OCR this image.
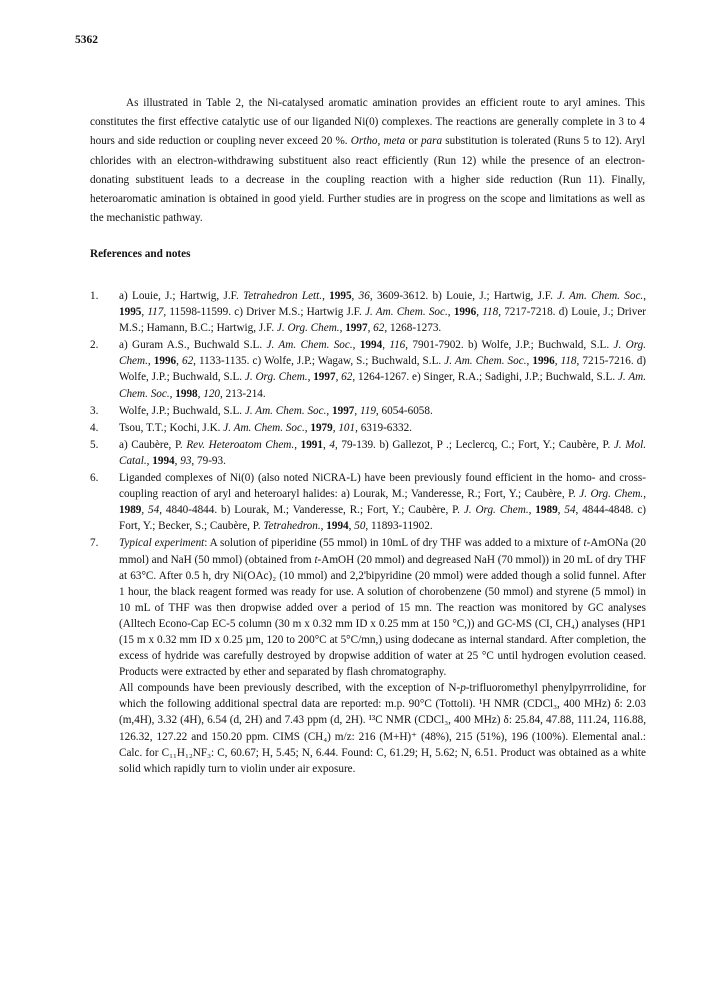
5362

As illustrated in Table 2, the Ni-catalysed aromatic amination provides an efficient route to aryl amines. This constitutes the first effective catalytic use of our liganded Ni(0) complexes. The reactions are generally complete in 3 to 4 hours and side reduction or coupling never exceed 20 %. Ortho, meta or para substitution is tolerated (Runs 5 to 12). Aryl chlorides with an electron-withdrawing substituent also react efficiently (Run 12) while the presence of an electron-donating substituent leads to a decrease in the coupling reaction with a higher side reduction (Run 11). Finally, heteroaromatic amination is obtained in good yield. Further studies are in progress on the scope and limitations as well as the mechanistic pathway.

References and notes

1.	a) Louie, J.; Hartwig, J.F. Tetrahedron Lett., 1995, 36, 3609-3612. b) Louie, J.; Hartwig, J.F. J. Am. Chem. Soc., 1995, 117, 11598-11599. c) Driver M.S.; Hartwig J.F. J. Am. Chem. Soc., 1996, 118, 7217-7218. d) Louie, J.; Driver M.S.; Hamann, B.C.; Hartwig, J.F. J. Org. Chem., 1997, 62, 1268-1273.

2.	a) Guram A.S., Buchwald S.L. J. Am. Chem. Soc., 1994, 116, 7901-7902. b) Wolfe, J.P.; Buchwald, S.L. J. Org. Chem., 1996, 62, 1133-1135. c) Wolfe, J.P.; Wagaw, S.; Buchwald, S.L. J. Am. Chem. Soc., 1996, 118, 7215-7216. d) Wolfe, J.P.; Buchwald, S.L. J. Org. Chem., 1997, 62, 1264-1267. e) Singer, R.A.; Sadighi, J.P.; Buchwald, S.L. J. Am. Chem. Soc., 1998, 120, 213-214.

3.	Wolfe, J.P.; Buchwald, S.L. J. Am. Chem. Soc., 1997, 119, 6054-6058.

4.	Tsou, T.T.; Kochi, J.K. J. Am. Chem. Soc., 1979, 101, 6319-6332.

5.	a) Caubère, P. Rev. Heteroatom Chem., 1991, 4, 79-139. b) Gallezot, P .; Leclercq, C.; Fort, Y.; Caubère, P. J. Mol. Catal., 1994, 93, 79-93.

6.	Liganded complexes of Ni(0) (also noted NiCRA-L) have been previously found efficient in the homo- and cross-coupling reaction of aryl and heteroaryl halides: a) Lourak, M.; Vanderesse, R.; Fort, Y.; Caubère, P. J. Org. Chem., 1989, 54, 4840-4844. b) Lourak, M.; Vanderesse, R.; Fort, Y.; Caubère, P. J. Org. Chem., 1989, 54, 4844-4848. c) Fort, Y.; Becker, S.; Caubère, P. Tetrahedron., 1994, 50, 11893-11902.

7.	Typical experiment: A solution of piperidine (55 mmol) in 10mL of dry THF was added to a mixture of t-AmONa (20 mmol) and NaH (50 mmol) (obtained from t-AmOH (20 mmol) and degreased NaH (70 mmol)) in 20 mL of dry THF at 63°C. After 0.5 h, dry Ni(OAc)₂ (10 mmol) and 2,2'bipyridine (20 mmol) were added though a solid funnel. After 1 hour, the black reagent formed was ready for use. A solution of chorobenzene (50 mmol) and styrene (5 mmol) in 10 mL of THF was then dropwise added over a period of 15 mn. The reaction was monitored by GC analyses (Alltech Econo-Cap EC-5 column (30 m x 0.32 mm ID x 0.25 mm at 150 °C,)) and GC-MS (CI, CH₄) analyses (HP1 (15 m x 0.32 mm ID x 0.25 µm, 120 to 200°C at 5°C/mn,) using dodecane as internal standard. After completion, the excess of hydride was carefully destroyed by dropwise addition of water at 25 °C until hydrogen evolution ceased. Products were extracted by ether and separated by flash chromatography.

All compounds have been previously described, with the exception of N-p-trifluoromethyl phenylpyrrrolidine, for which the following additional spectral data are reported: m.p. 90°C (Tottoli). ¹H NMR (CDCl₃, 400 MHz) δ: 2.03 (m,4H), 3.32 (4H), 6.54 (d, 2H) and 7.43 ppm (d, 2H). ¹³C NMR (CDCl₃, 400 MHz) δ: 25.84, 47.88, 111.24, 116.88, 126.32, 127.22 and 150.20 ppm. CIMS (CH₄) m/z: 216 (M+H)⁺ (48%), 215 (51%), 196 (100%). Elemental anal.: Calc. for C₁₁H₁₂NF₃: C, 60.67; H, 5.45; N, 6.44. Found: C, 61.29; H, 5.62; N, 6.51. Product was obtained as a white solid which rapidly turn to violin under air exposure.
